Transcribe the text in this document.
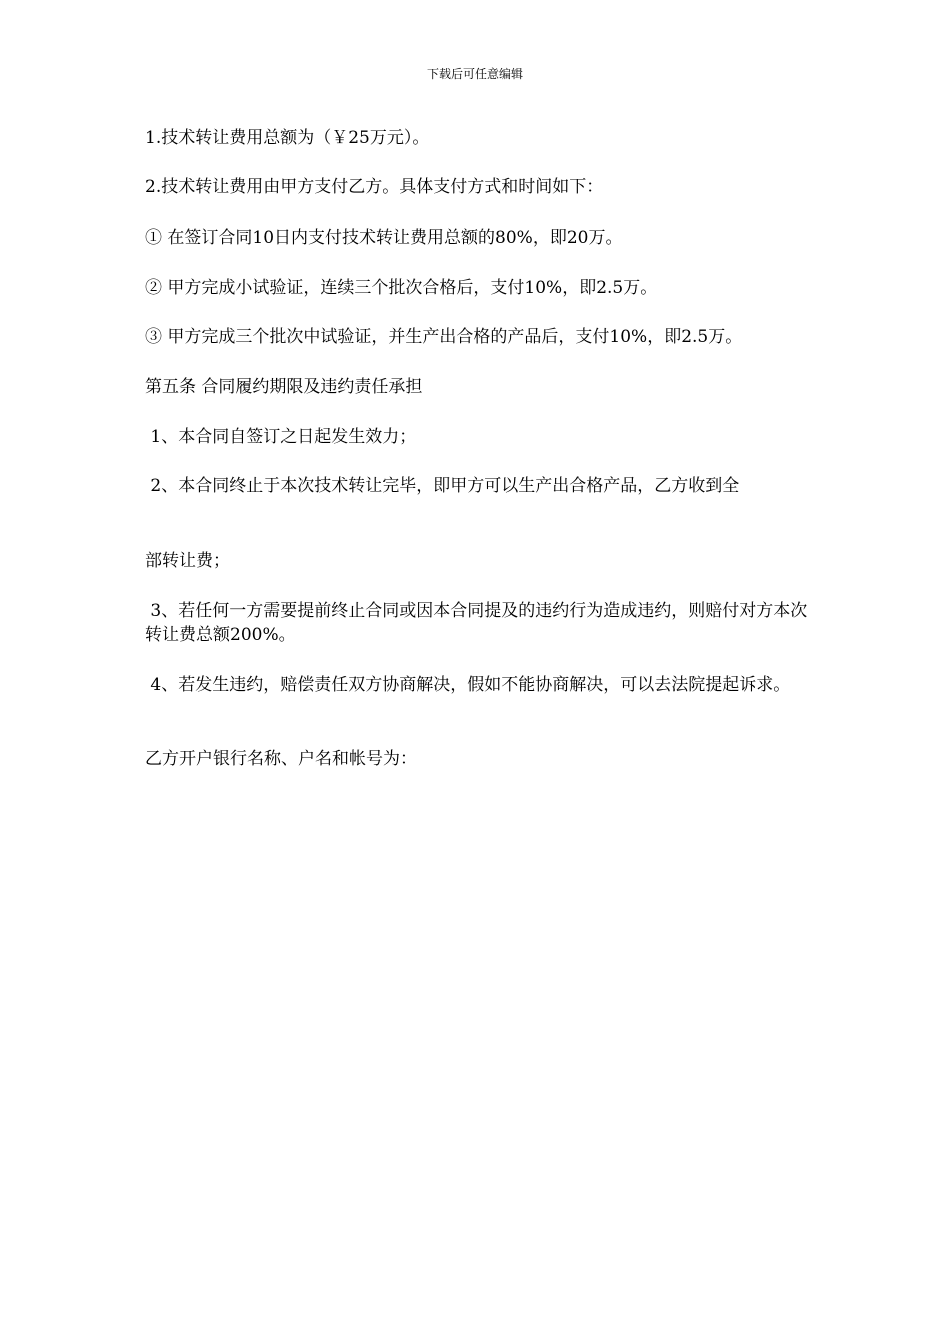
下载后可任意编辑
1.技术转让费用总额为（￥25万元）。
2.技术转让费用由甲方支付乙方。具体支付方式和时间如下：
① 在签订合同10日内支付技术转让费用总额的80%，即20万。
② 甲方完成小试验证，连续三个批次合格后，支付10%，即2.5万。
③ 甲方完成三个批次中试验证，并生产出合格的产品后，支付10%，即2.5万。
第五条 合同履约期限及违约责任承担
1、本合同自签订之日起发生效力；
2、本合同终止于本次技术转让完毕，即甲方可以生产出合格产品，乙方收到全
部转让费；
3、若任何一方需要提前终止合同或因本合同提及的违约行为造成违约，则赔付对方本次转让费总额200%。
4、若发生违约，赔偿责任双方协商解决，假如不能协商解决，可以去法院提起诉求。
乙方开户银行名称、户名和帐号为：
